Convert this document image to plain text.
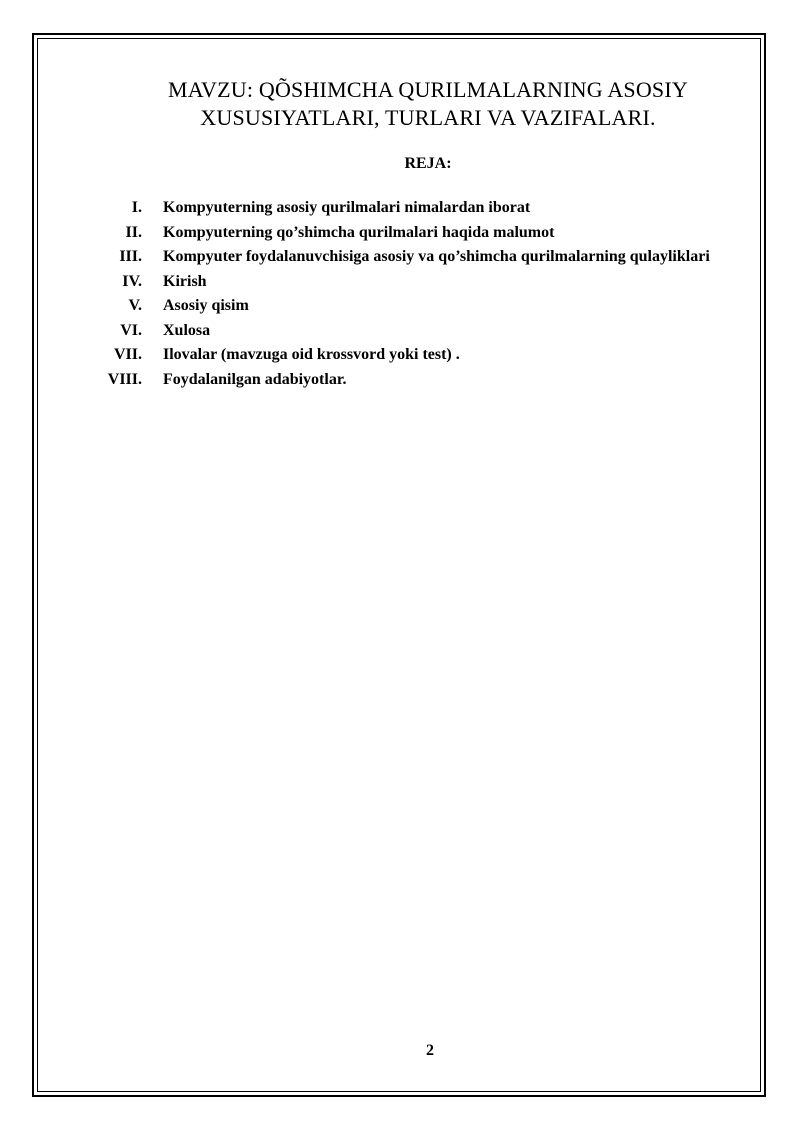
MAVZU: QÕSHIMCHA QURILMALARNING ASOSIY
XUSUSIYATLARI, TURLARI VA VAZIFALARI.
REJA:
I. Kompyuterning asosiy qurilmalari nimalardan iborat
II. Kompyuterning qo’shimcha qurilmalari haqida malumot
III. Kompyuter foydalanuvchisiga asosiy va qo’shimcha qurilmalarning qulayliklari
IV. Kirish
V. Asosiy qisim
VI. Xulosa
VII. Ilovalar (mavzuga oid krossvord yoki test) .
VIII. Foydalanilgan adabiyotlar.
2
